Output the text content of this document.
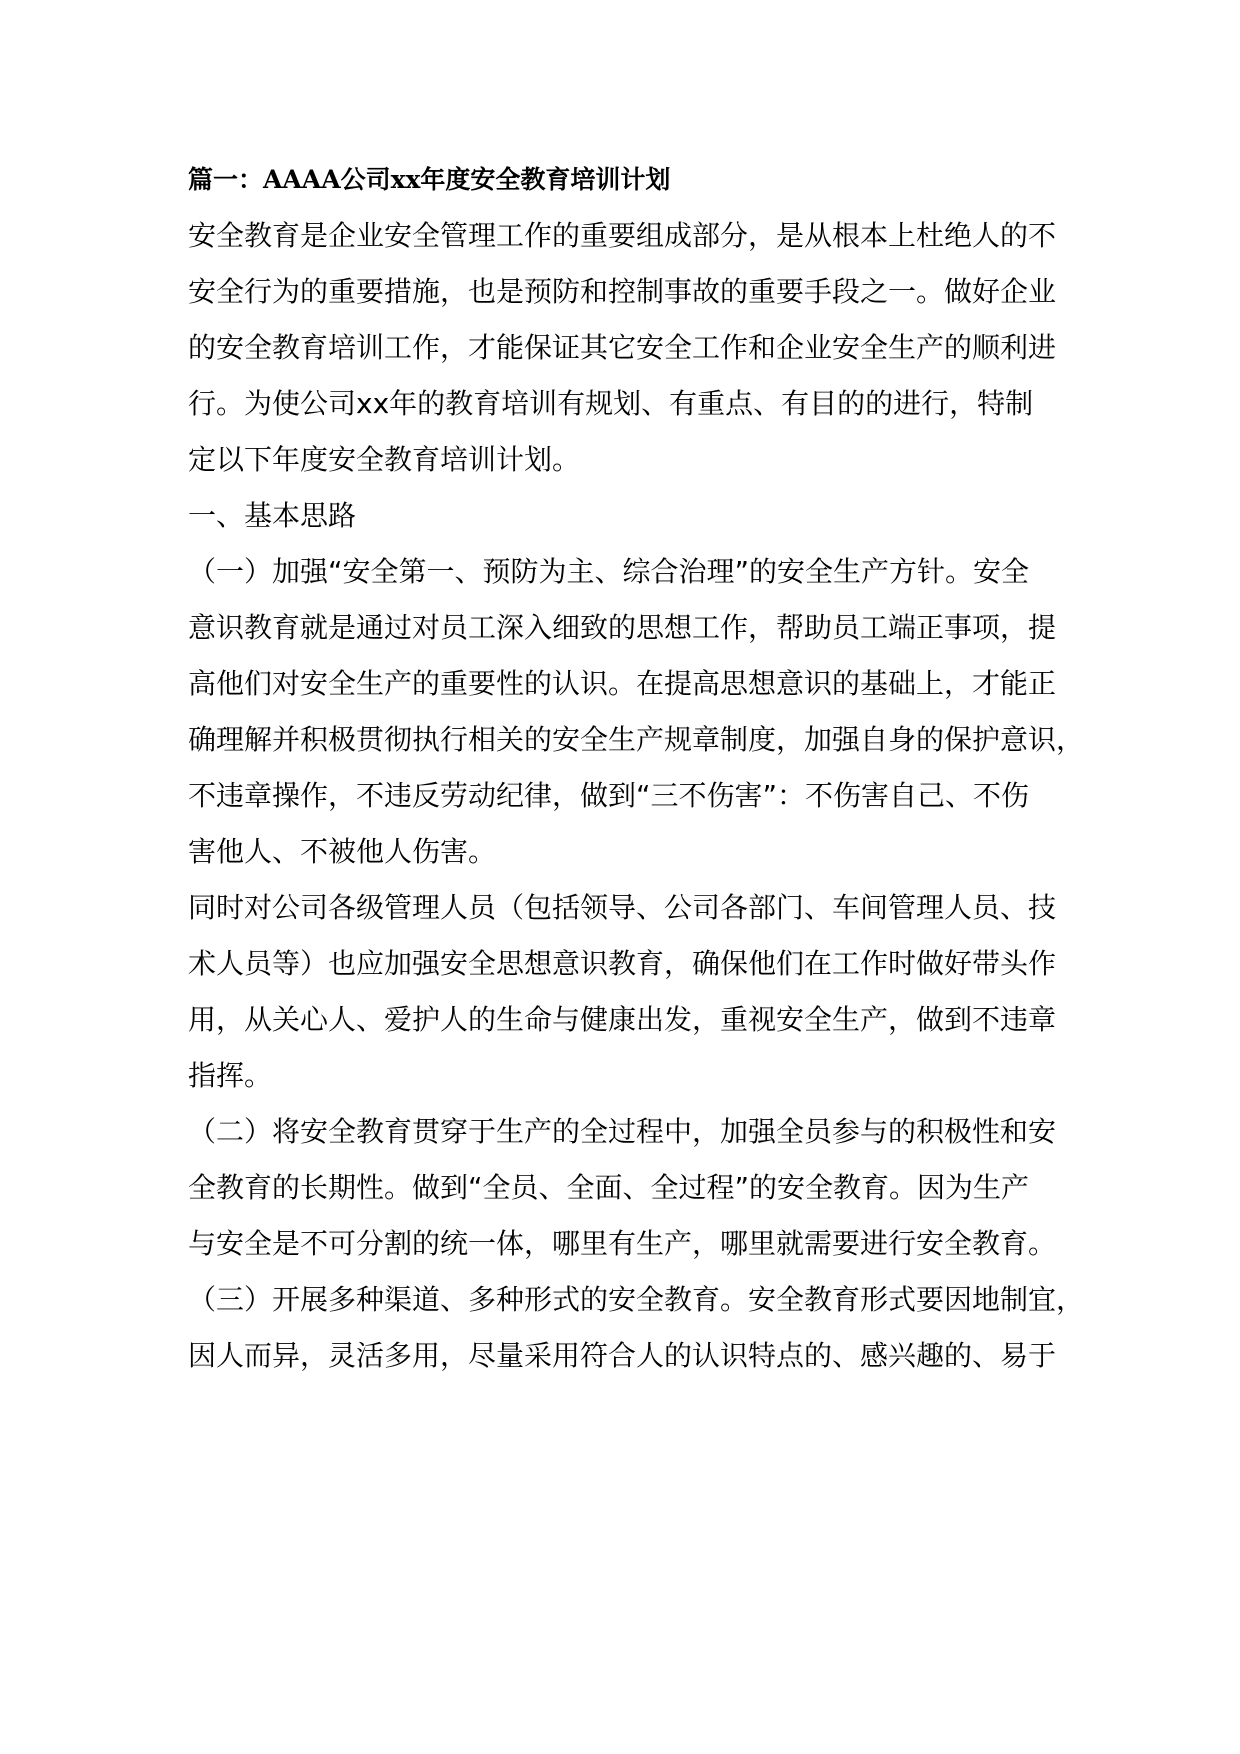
篇一：AAAA公司xx年度安全教育培训计划

安全教育是企业安全管理工作的重要组成部分，是从根本上杜绝人的不

安全行为的重要措施，也是预防和控制事故的重要手段之一。做好企业

的安全教育培训工作，才能保证其它安全工作和企业安全生产的顺利进

行。为使公司xx年的教育培训有规划、有重点、有目的的进行，特制

定以下年度安全教育培训计划。

一、基本思路

（一）加强“安全第一、预防为主、综合治理”的安全生产方针。安全

意识教育就是通过对员工深入细致的思想工作，帮助员工端正事项，提

高他们对安全生产的重要性的认识。在提高思想意识的基础上，才能正

确理解并积极贯彻执行相关的安全生产规章制度，加强自身的保护意识，

不违章操作，不违反劳动纪律，做到“三不伤害”：不伤害自己、不伤

害他人、不被他人伤害。

同时对公司各级管理人员（包括领导、公司各部门、车间管理人员、技

术人员等）也应加强安全思想意识教育，确保他们在工作时做好带头作

用，从关心人、爱护人的生命与健康出发，重视安全生产，做到不违章

指挥。

（二）将安全教育贯穿于生产的全过程中，加强全员参与的积极性和安

全教育的长期性。做到“全员、全面、全过程”的安全教育。因为生产

与安全是不可分割的统一体，哪里有生产，哪里就需要进行安全教育。

（三）开展多种渠道、多种形式的安全教育。安全教育形式要因地制宜，

因人而异，灵活多用，尽量采用符合人的认识特点的、感兴趣的、易于
